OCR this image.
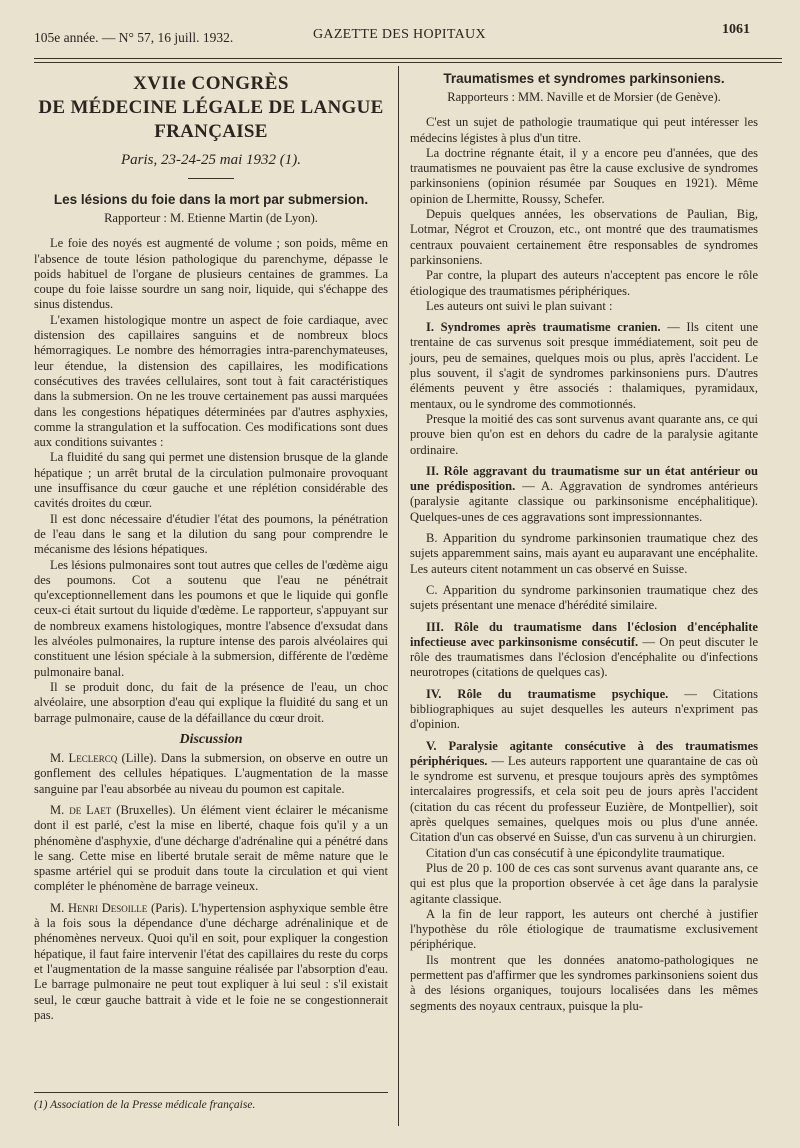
105e année. — N° 57, 16 juill. 1932.	GAZETTE DES HOPITAUX	1061
XVIIe CONGRÈS
DE MÉDECINE LÉGALE DE LANGUE FRANÇAISE
Paris, 23-24-25 mai 1932 (1).
Les lésions du foie dans la mort par submersion.
Rapporteur : M. Etienne Martin (de Lyon).

Le foie des noyés est augmenté de volume ; son poids, même en l'absence de toute lésion pathologique du parenchyme, dépasse le poids habituel de l'organe de plusieurs centaines de grammes. La coupe du foie laisse sourdre un sang noir, liquide, qui s'échappe des sinus distendus.

L'examen histologique montre un aspect de foie cardiaque, avec distension des capillaires sanguins et de nombreux blocs hémorragiques. Le nombre des hémorragies intra-parenchymateuses, leur étendue, la distension des capillaires, les modifications consécutives des travées cellulaires, sont tout à fait caractéristiques dans la submersion. On ne les trouve certainement pas aussi marquées dans les congestions hépatiques déterminées par d'autres asphyxies, comme la strangulation et la suffocation. Ces modifications sont dues aux conditions suivantes :

La fluidité du sang qui permet une distension brusque de la glande hépatique ; un arrêt brutal de la circulation pulmonaire provoquant une insuffisance du cœur gauche et une réplétion considérable des cavités droites du cœur.

Il est donc nécessaire d'étudier l'état des poumons, la pénétration de l'eau dans le sang et la dilution du sang pour comprendre le mécanisme des lésions hépatiques.

Les lésions pulmonaires sont tout autres que celles de l'œdème aigu des poumons. Cot a soutenu que l'eau ne pénétrait qu'exceptionnellement dans les poumons et que le liquide qui gonfle ceux-ci était surtout du liquide d'œdème. Le rapporteur, s'appuyant sur de nombreux examens histologiques, montre l'absence d'exsudat dans les alvéoles pulmonaires, la rupture intense des parois alvéolaires qui constituent une lésion spéciale à la submersion, différente de l'œdème pulmonaire banal.

Il se produit donc, du fait de la présence de l'eau, un choc alvéolaire, une absorption d'eau qui explique la fluidité du sang et un barrage pulmonaire, cause de la défaillance du cœur droit.

Discussion

M. Leclercq (Lille). Dans la submersion, on observe en outre un gonflement des cellules hépatiques. L'augmentation de la masse sanguine par l'eau absorbée au niveau du poumon est capitale.

M. de Laet (Bruxelles). Un élément vient éclairer le mécanisme dont il est parlé, c'est la mise en liberté, chaque fois qu'il y a un phénomène d'asphyxie, d'une décharge d'adrénaline qui a pénétré dans le sang. Cette mise en liberté brutale serait de même nature que le spasme artériel qui se produit dans toute la circulation et qui vient compléter le phénomène de barrage veineux.

M. Henri Desoille (Paris). L'hypertension asphyxique semble être à la fois sous la dépendance d'une décharge adrénalinique et de phénomènes nerveux. Quoi qu'il en soit, pour expliquer la congestion hépatique, il faut faire intervenir l'état des capillaires du reste du corps et l'augmentation de la masse sanguine réalisée par l'absorption d'eau. Le barrage pulmonaire ne peut tout expliquer à lui seul : s'il existait seul, le cœur gauche battrait à vide et le foie ne se congestionnerait pas.

(1) Association de la Presse médicale française.
Traumatismes et syndromes parkinsoniens.
Rapporteurs : MM. Naville et de Morsier (de Genève).

C'est un sujet de pathologie traumatique qui peut intéresser les médecins légistes à plus d'un titre.

La doctrine régnante était, il y a encore peu d'années, que des traumatismes ne pouvaient pas être la cause exclusive de syndromes parkinsoniens (opinion résumée par Souques en 1921). Même opinion de Lhermitte, Roussy, Schefer.

Depuis quelques années, les observations de Paulian, Big, Lotmar, Négrot et Crouzon, etc., ont montré que des traumatismes centraux pouvaient certainement être responsables de syndromes parkinsoniens.

Par contre, la plupart des auteurs n'acceptent pas encore le rôle étiologique des traumatismes périphériques.

Les auteurs ont suivi le plan suivant :

I. Syndromes après traumatisme cranien. — Ils citent une trentaine de cas survenus soit presque immédiatement, soit peu de jours, peu de semaines, quelques mois ou plus, après l'accident. Le plus souvent, il s'agit de syndromes parkinsoniens purs. D'autres éléments peuvent y être associés : thalamiques, pyramidaux, mentaux, ou le syndrome des commotionnés.

Presque la moitié des cas sont survenus avant quarante ans, ce qui prouve bien qu'on est en dehors du cadre de la paralysie agitante ordinaire.

II. Rôle aggravant du traumatisme sur un état antérieur ou une prédisposition. — A. Aggravation de syndromes antérieurs (paralysie agitante classique ou parkinsonisme encéphalitique). Quelques-unes de ces aggravations sont impressionnantes.

B. Apparition du syndrome parkinsonien traumatique chez des sujets apparemment sains, mais ayant eu auparavant une encéphalite. Les auteurs citent notamment un cas observé en Suisse.

C. Apparition du syndrome parkinsonien traumatique chez des sujets présentant une menace d'hérédité similaire.

III. Rôle du traumatisme dans l'éclosion d'encéphalite infectieuse avec parkinsonisme consécutif. — On peut discuter le rôle des traumatismes dans l'éclosion d'encéphalite ou d'infections neurotropes (citations de quelques cas).

IV. Rôle du traumatisme psychique. — Citations bibliographiques au sujet desquelles les auteurs n'expriment pas d'opinion.

V. Paralysie agitante consécutive à des traumatismes périphériques. — Les auteurs rapportent une quarantaine de cas où le syndrome est survenu, et presque toujours après des symptômes intercalaires progressifs, et cela soit peu de jours après l'accident (citation du cas récent du professeur Euzière, de Montpellier), soit après quelques semaines, quelques mois ou plus d'une année. Citation d'un cas observé en Suisse, d'un cas survenu à un chirurgien.

Citation d'un cas consécutif à une épicondylite traumatique.

Plus de 20 p. 100 de ces cas sont survenus avant quarante ans, ce qui est plus que la proportion observée à cet âge dans la paralysie agitante classique.

A la fin de leur rapport, les auteurs ont cherché à justifier l'hypothèse du rôle étiologique de traumatisme exclusivement périphérique.

Ils montrent que les données anatomo-pathologiques ne permettent pas d'affirmer que les syndromes parkinsoniens soient dus à des lésions organiques, toujours localisées dans les mêmes segments des noyaux centraux, puisque la plu-
